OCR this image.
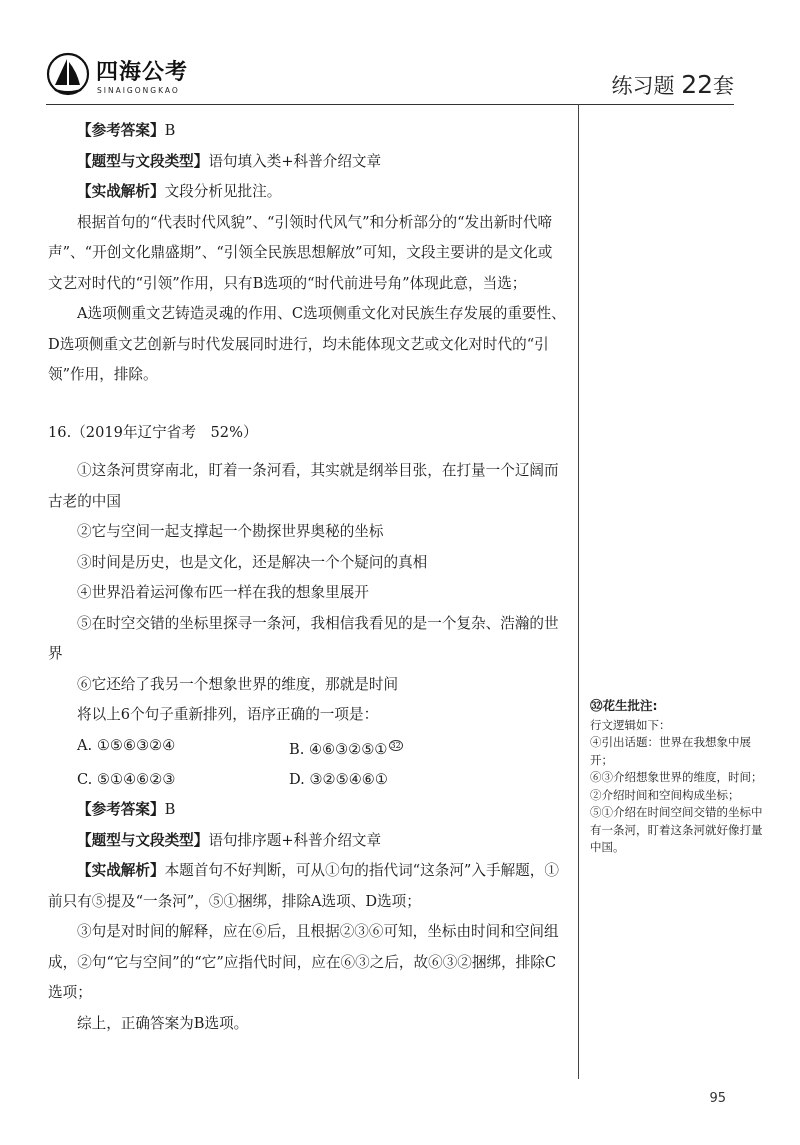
四海公考
SINAIGONGKAO	练习题 22套

【参考答案】B

【题型与文段类型】语句填入类+科普介绍文章

【实战解析】文段分析见批注。

根据首句的“代表时代风貌”、“引领时代风气”和分析部分的“发出新时代啼声”、“开创文化鼎盛期”、“引领全民族思想解放”可知，文段主要讲的是文化或文艺对时代的“引领”作用，只有B选项的“时代前进号角”体现此意，当选；

A选项侧重文艺铸造灵魂的作用、C选项侧重文化对民族生存发展的重要性、D选项侧重文艺创新与时代发展同时进行，均未能体现文艺或文化对时代的“引领”作用，排除。

16.（2019年辽宁省考　52%）

①这条河贯穿南北，盯着一条河看，其实就是纲举目张，在打量一个辽阔而古老的中国

②它与空间一起支撑起一个勘探世界奥秘的坐标

③时间是历史，也是文化，还是解决一个个疑问的真相

④世界沿着运河像布匹一样在我的想象里展开

⑤在时空交错的坐标里探寻一条河，我相信我看见的是一个复杂、浩瀚的世界

⑥它还给了我另一个想象世界的维度，那就是时间

将以上6个句子重新排列，语序正确的一项是：

A. ①⑤⑥③②④	B. ④⑥③②⑤① $^{32}$
C. ⑤①④⑥②③	D. ③②⑤④⑥①

【参考答案】B

【题型与文段类型】语句排序题+科普介绍文章

【实战解析】本题首句不好判断，可从①句的指代词“这条河”入手解题，①前只有⑤提及“一条河”，⑤①捆绑，排除A选项、D选项；

③句是对时间的解释，应在⑥后，且根据②③⑥可知，坐标由时间和空间组成，②句“它与空间”的“它”应指代时间，应在⑥③之后，故⑥③②捆绑，排除C选项；

综上，正确答案为B选项。

㉜花生批注:

行文逻辑如下：

④引出话题：世界在我想象中展开；

⑥③介绍想象世界的维度，时间；

②介绍时间和空间构成坐标；

⑤①介绍在时间空间交错的坐标中有一条河，盯着这条河就好像打量中国。

95
